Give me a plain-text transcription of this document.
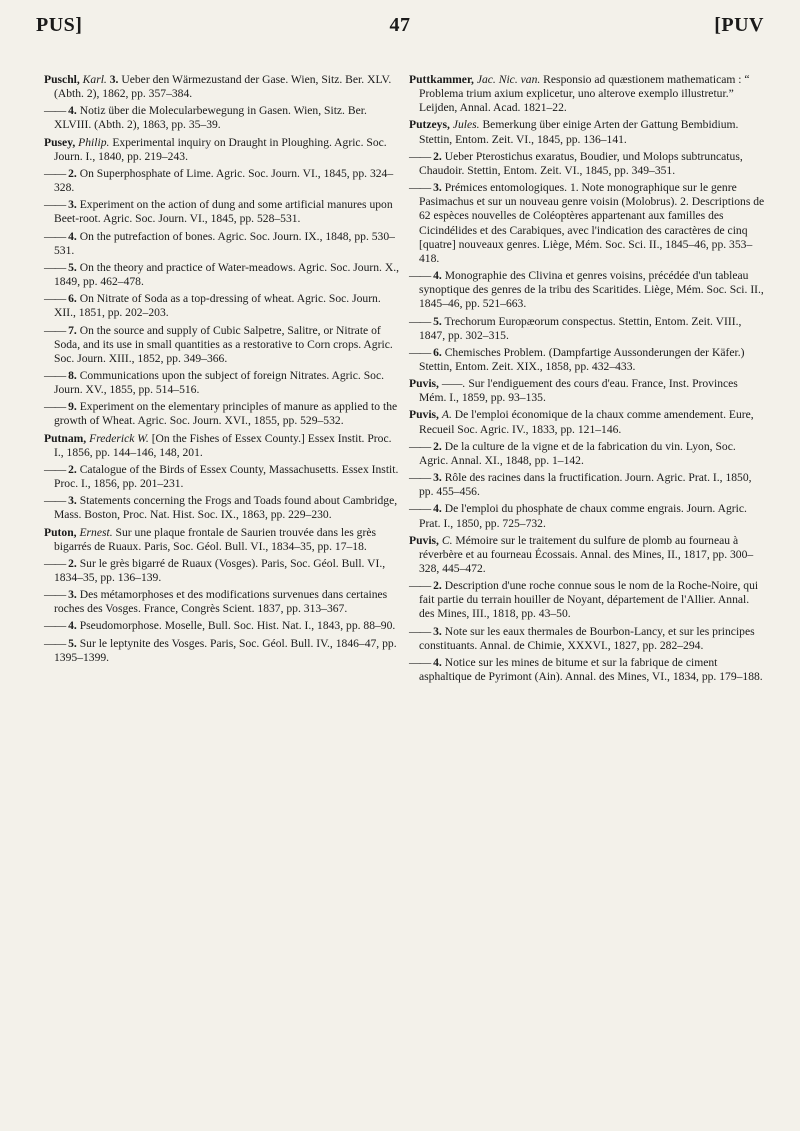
PUS]	47	[PUV

Puschl, Karl. 3. Ueber den Wärmezustand der Gase. Wien, Sitz. Ber. XLV. (Abth. 2), 1862, pp. 357–384.

—— 4. Notiz über die Molecularbewegung in Gasen. Wien, Sitz. Ber. XLVIII. (Abth. 2), 1863, pp. 35–39.

Pusey, Philip. Experimental inquiry on Draught in Ploughing. Agric. Soc. Journ. I., 1840, pp. 219–243.

—— 2. On Superphosphate of Lime. Agric. Soc. Journ. VI., 1845, pp. 324–328.

—— 3. Experiment on the action of dung and some artificial manures upon Beet-root. Agric. Soc. Journ. VI., 1845, pp. 528–531.

—— 4. On the putrefaction of bones. Agric. Soc. Journ. IX., 1848, pp. 530–531.

—— 5. On the theory and practice of Water-meadows. Agric. Soc. Journ. X., 1849, pp. 462–478.

—— 6. On Nitrate of Soda as a top-dressing of wheat. Agric. Soc. Journ. XII., 1851, pp. 202–203.

—— 7. On the source and supply of Cubic Salpetre, Salitre, or Nitrate of Soda, and its use in small quantities as a restorative to Corn crops. Agric. Soc. Journ. XIII., 1852, pp. 349–366.

—— 8. Communications upon the subject of foreign Nitrates. Agric. Soc. Journ. XV., 1855, pp. 514–516.

—— 9. Experiment on the elementary principles of manure as applied to the growth of Wheat. Agric. Soc. Journ. XVI., 1855, pp. 529–532.

Putnam, Frederick W. [On the Fishes of Essex County.] Essex Instit. Proc. I., 1856, pp. 144–146, 148, 201.

—— 2. Catalogue of the Birds of Essex County, Massachusetts. Essex Instit. Proc. I., 1856, pp. 201–231.

—— 3. Statements concerning the Frogs and Toads found about Cambridge, Mass. Boston, Proc. Nat. Hist. Soc. IX., 1863, pp. 229–230.

Puton, Ernest. Sur une plaque frontale de Saurien trouvée dans les grès bigarrés de Ruaux. Paris, Soc. Géol. Bull. VI., 1834–35, pp. 17–18.

—— 2. Sur le grès bigarré de Ruaux (Vosges). Paris, Soc. Géol. Bull. VI., 1834–35, pp. 136–139.

—— 3. Des métamorphoses et des modifications survenues dans certaines roches des Vosges. France, Congrès Scient. 1837, pp. 313–367.

—— 4. Pseudomorphose. Moselle, Bull. Soc. Hist. Nat. I., 1843, pp. 88–90.

—— 5. Sur le leptynite des Vosges. Paris, Soc. Géol. Bull. IV., 1846–47, pp. 1395–1399.

Puttkammer, Jac. Nic. van. Responsio ad quæstionem mathematicam : “ Problema trium axium explicetur, uno alterove exemplo illustretur.” Leijden, Annal. Acad. 1821–22.

Putzeys, Jules. Bemerkung über einige Arten der Gattung Bembidium. Stettin, Entom. Zeit. VI., 1845, pp. 136–141.

—— 2. Ueber Pterostichus exaratus, Boudier, und Molops subtruncatus, Chaudoir. Stettin, Entom. Zeit. VI., 1845, pp. 349–351.

—— 3. Prémices entomologiques. 1. Note monographique sur le genre Pasimachus et sur un nouveau genre voisin (Molobrus). 2. Descriptions de 62 espèces nouvelles de Coléoptères appartenant aux familles des Cicindélides et des Carabiques, avec l'indication des caractères de cinq [quatre] nouveaux genres. Liège, Mém. Soc. Sci. II., 1845–46, pp. 353–418.

—— 4. Monographie des Clivina et genres voisins, précédée d'un tableau synoptique des genres de la tribu des Scaritides. Liège, Mém. Soc. Sci. II., 1845–46, pp. 521–663.

—— 5. Trechorum Europæorum conspectus. Stettin, Entom. Zeit. VIII., 1847, pp. 302–315.

—— 6. Chemisches Problem. (Dampfartige Aussonderungen der Käfer.) Stettin, Entom. Zeit. XIX., 1858, pp. 432–433.

Puvis, ——. Sur l'endiguement des cours d'eau. France, Inst. Provinces Mém. I., 1859, pp. 93–135.

Puvis, A. De l'emploi économique de la chaux comme amendement. Eure, Recueil Soc. Agric. IV., 1833, pp. 121–146.

—— 2. De la culture de la vigne et de la fabrication du vin. Lyon, Soc. Agric. Annal. XI., 1848, pp. 1–142.

—— 3. Rôle des racines dans la fructification. Journ. Agric. Prat. I., 1850, pp. 455–456.

—— 4. De l'emploi du phosphate de chaux comme engrais. Journ. Agric. Prat. I., 1850, pp. 725–732.

Puvis, C. Mémoire sur le traitement du sulfure de plomb au fourneau à réverbère et au fourneau Écossais. Annal. des Mines, II., 1817, pp. 300–328, 445–472.

—— 2. Description d'une roche connue sous le nom de la Roche-Noire, qui fait partie du terrain houiller de Noyant, département de l'Allier. Annal. des Mines, III., 1818, pp. 43–50.

—— 3. Note sur les eaux thermales de Bourbon-Lancy, et sur les principes constituants. Annal. de Chimie, XXXVI., 1827, pp. 282–294.

—— 4. Notice sur les mines de bitume et sur la fabrique de ciment asphaltique de Pyrimont (Ain). Annal. des Mines, VI., 1834, pp. 179–188.
